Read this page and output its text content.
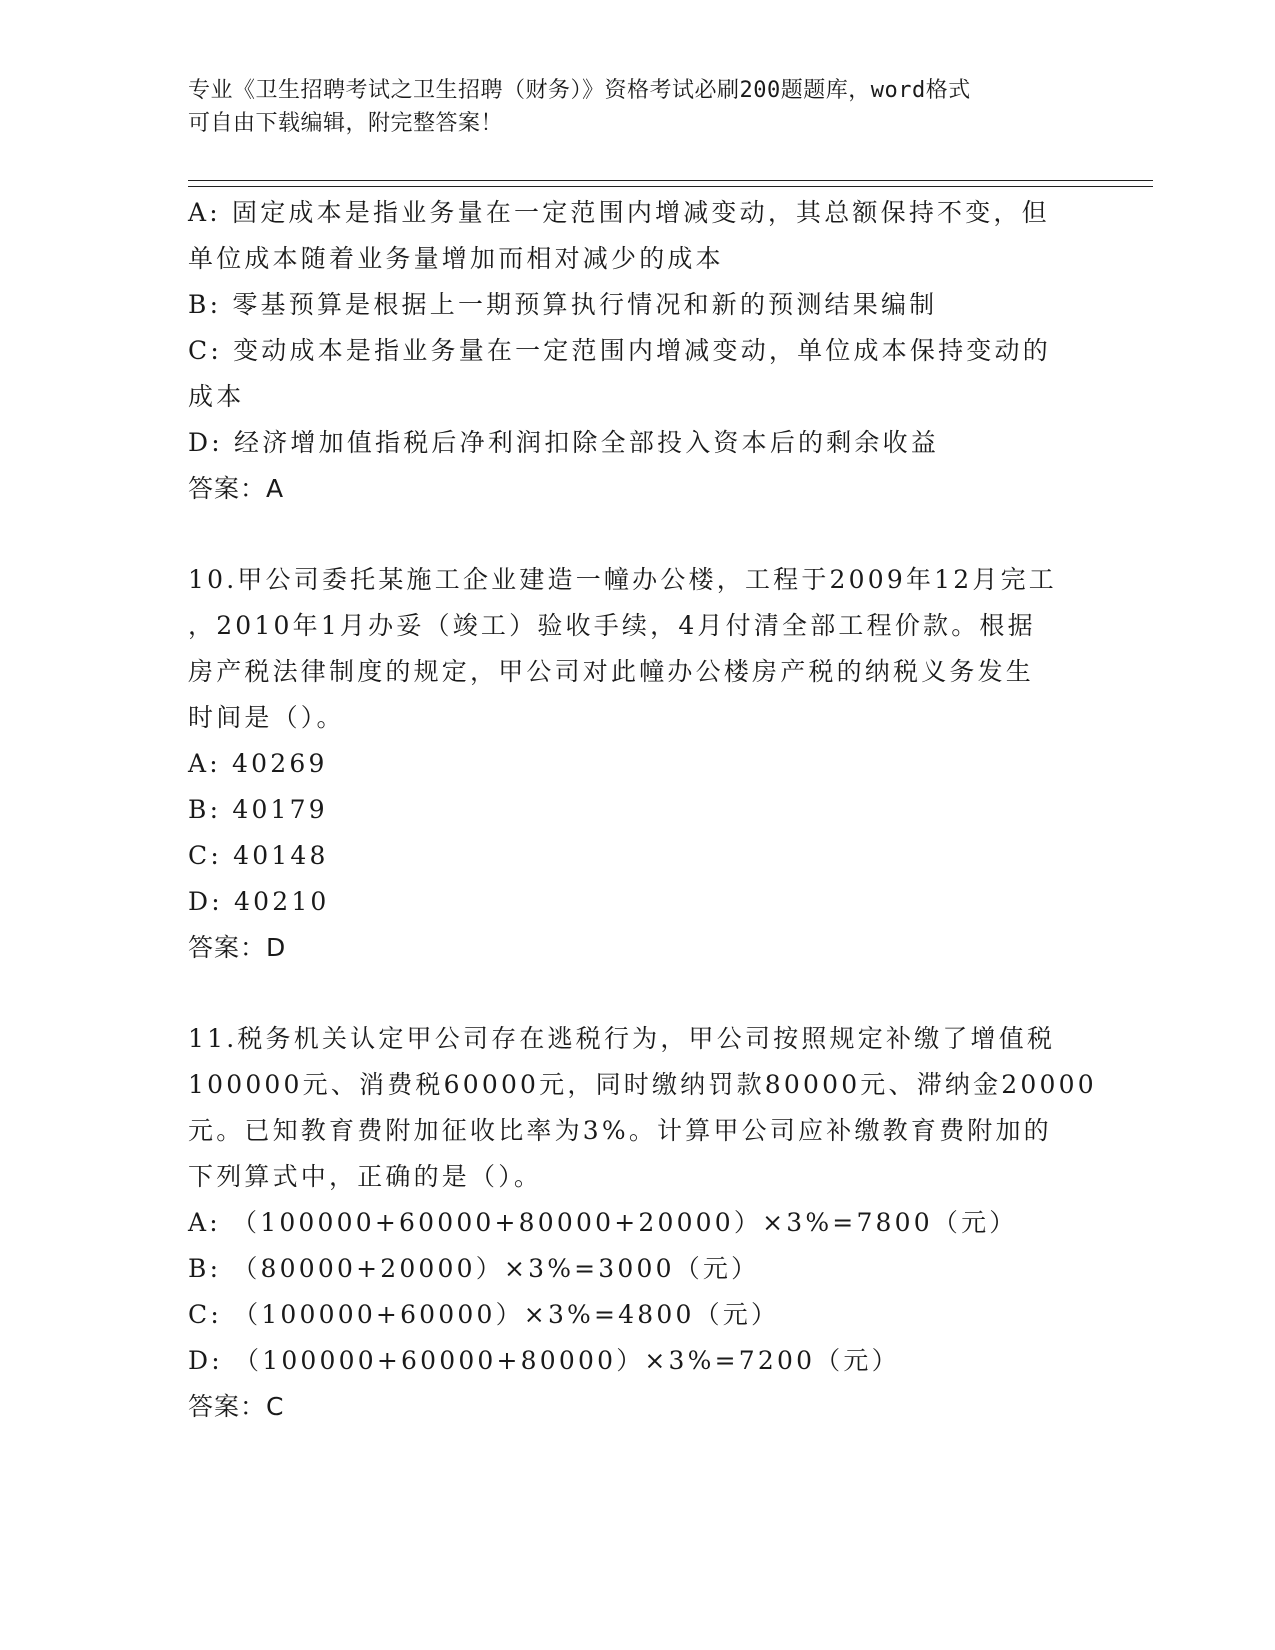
专业《卫生招聘考试之卫生招聘（财务）》资格考试必刷200题题库，word格式
可自由下载编辑，附完整答案！

A: 固定成本是指业务量在一定范围内增减变动，其总额保持不变，但
单位成本随着业务量增加而相对减少的成本
B: 零基预算是根据上一期预算执行情况和新的预测结果编制
C: 变动成本是指业务量在一定范围内增减变动，单位成本保持变动的
成本
D: 经济增加值指税后净利润扣除全部投入资本后的剩余收益
答案：A
10.甲公司委托某施工企业建造一幢办公楼，工程于2009年12月完工
，2010年1月办妥（竣工）验收手续，4月付清全部工程价款。根据
房产税法律制度的规定，甲公司对此幢办公楼房产税的纳税义务发生
时间是（）。
A: 40269
B: 40179
C: 40148
D: 40210
答案：D
11.税务机关认定甲公司存在逃税行为，甲公司按照规定补缴了增值税
100000元、消费税60000元，同时缴纳罚款80000元、滞纳金20000
元。已知教育费附加征收比率为3%。计算甲公司应补缴教育费附加的
下列算式中，正确的是（）。
A: （100000+60000+80000+20000）×3%=7800（元）
B: （80000+20000）×3%=3000（元）
C: （100000+60000）×3%=4800（元）
D: （100000+60000+80000）×3%=7200（元）
答案：C
